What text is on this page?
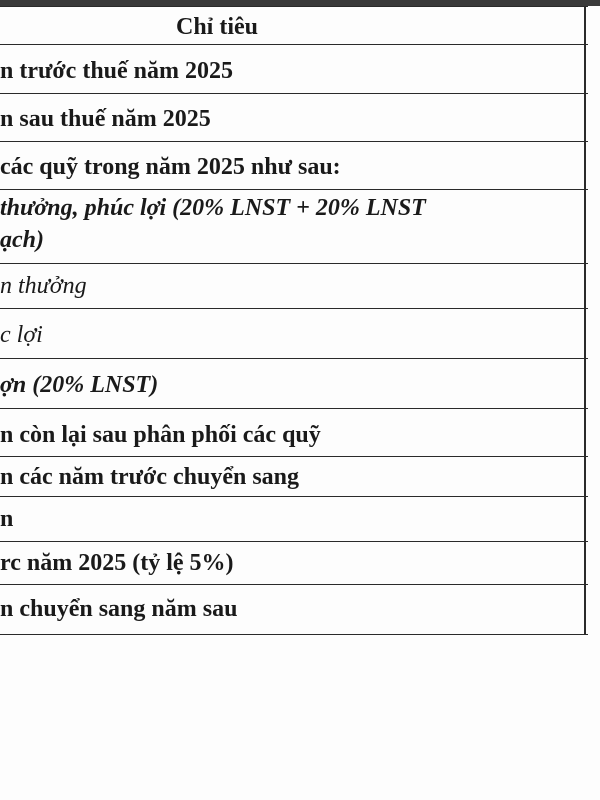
Chỉ tiêu
n trước thuế năm 2025
n sau thuế năm 2025
các quỹ trong năm 2025 như sau:
thưởng, phúc lợi (20% LNST + 20% LNST
ạch)
n thưởng
c lợi
ợn (20% LNST)
n còn lại sau phân phối các quỹ
n các năm trước chuyển sang
n
rc năm 2025 (tỷ lệ 5%)
n chuyển sang năm sau
